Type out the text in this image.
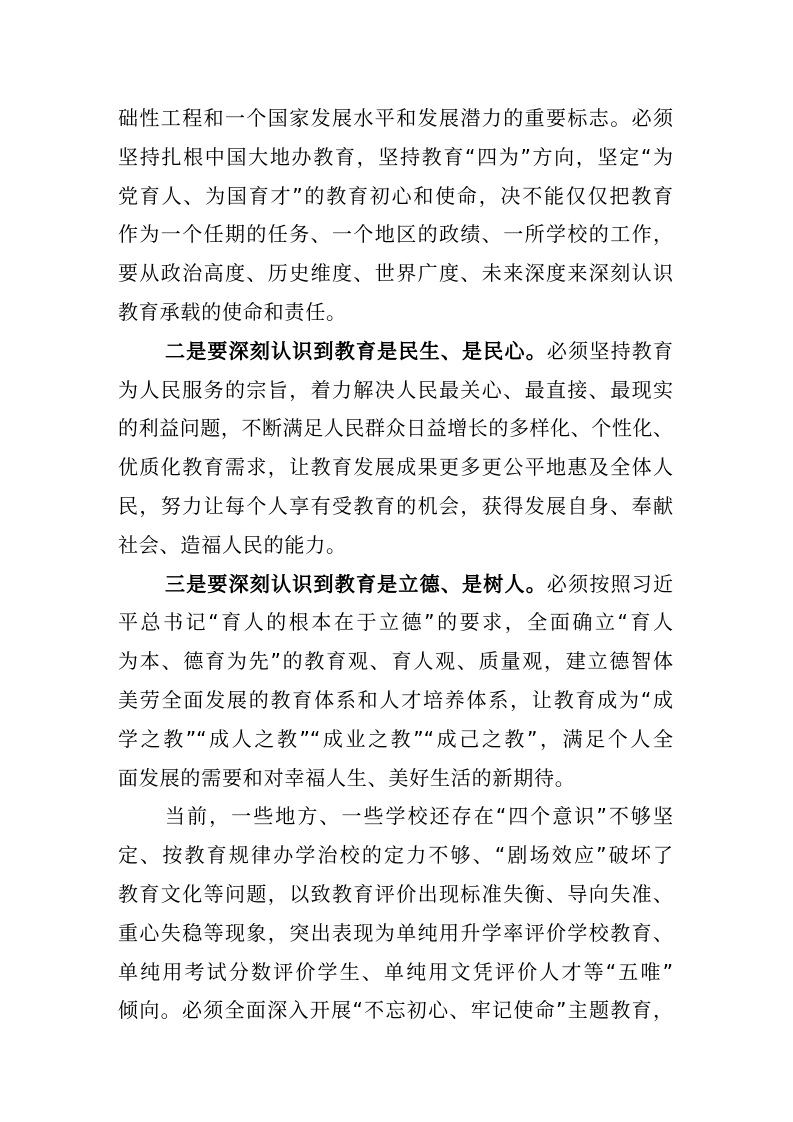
础性工程和一个国家发展水平和发展潜力的重要标志。必须
坚持扎根中国大地办教育，坚持教育“四为”方向，坚定“为
党育人、为国育才”的教育初心和使命，决不能仅仅把教育
作为一个任期的任务、一个地区的政绩、一所学校的工作，
要从政治高度、历史维度、世界广度、未来深度来深刻认识
教育承载的使命和责任。
二是要深刻认识到教育是民生、是民心。必须坚持教育
为人民服务的宗旨，着力解决人民最关心、最直接、最现实
的利益问题，不断满足人民群众日益增长的多样化、个性化、
优质化教育需求，让教育发展成果更多更公平地惠及全体人
民，努力让每个人享有受教育的机会，获得发展自身、奉献
社会、造福人民的能力。
三是要深刻认识到教育是立德、是树人。必须按照习近
平总书记“育人的根本在于立德”的要求，全面确立“育人
为本、德育为先”的教育观、育人观、质量观，建立德智体
美劳全面发展的教育体系和人才培养体系，让教育成为“成
学之教”“成人之教”“成业之教”“成己之教”，满足个人全
面发展的需要和对幸福人生、美好生活的新期待。
当前，一些地方、一些学校还存在“四个意识”不够坚
定、按教育规律办学治校的定力不够、“剧场效应”破坏了
教育文化等问题，以致教育评价出现标准失衡、导向失准、
重心失稳等现象，突出表现为单纯用升学率评价学校教育、
单纯用考试分数评价学生、单纯用文凭评价人才等“五唯”
倾向。必须全面深入开展“不忘初心、牢记使命”主题教育，
